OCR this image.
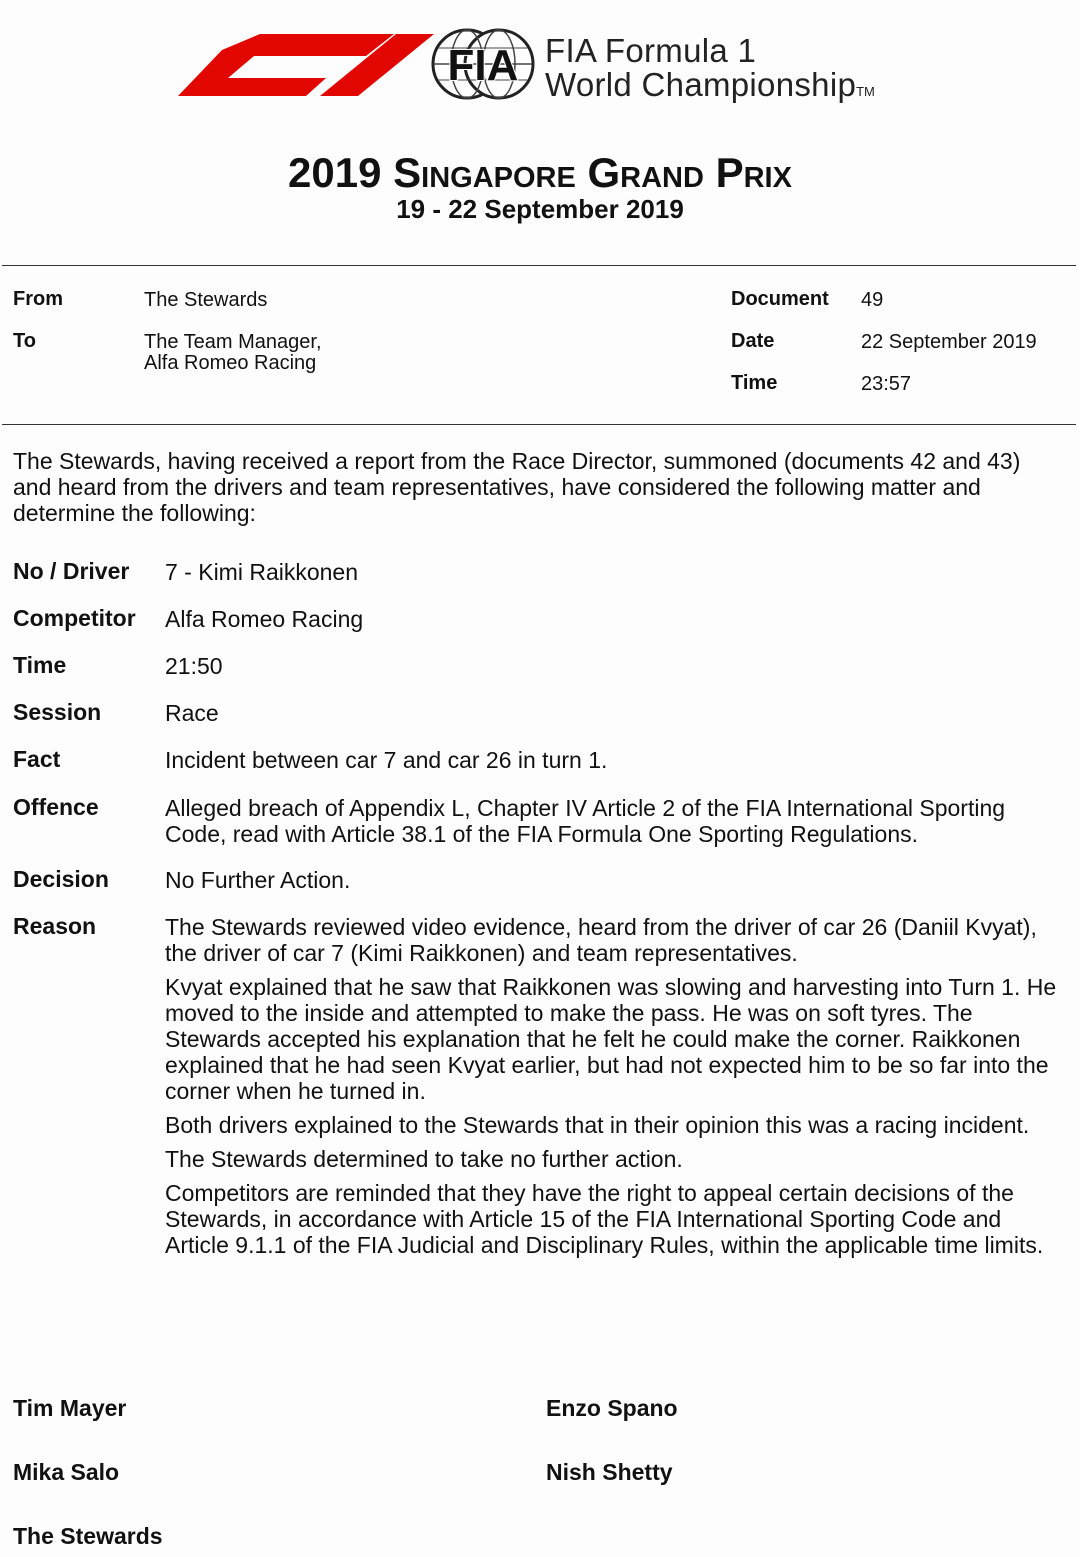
FIA FIA Formula 1
World ChampionshipTM
2019 Singapore Grand Prix
19 - 22 September 2019
From	The Stewards
To	The Team Manager,
Alfa Romeo Racing
Document 49
Date	22 September 2019
Time	23:57
The Stewards, having received a report from the Race Director, summoned (documents 42 and 43) and heard from the drivers and team representatives, have considered the following matter and determine the following:
No / Driver 7 - Kimi Raikkonen
Competitor Alfa Romeo Racing
Time	21:50
Session	Race
Fact	Incident between car 7 and car 26 in turn 1.
Offence	Alleged breach of Appendix L, Chapter IV Article 2 of the FIA International Sporting Code, read with Article 38.1 of the FIA Formula One Sporting Regulations.
Decision No Further Action.
Reason	The Stewards reviewed video evidence, heard from the driver of car 26 (Daniil Kvyat), the driver of car 7 (Kimi Raikkonen) and team representatives.

Kvyat explained that he saw that Raikkonen was slowing and harvesting into Turn 1. He moved to the inside and attempted to make the pass. He was on soft tyres. The Stewards accepted his explanation that he felt he could make the corner. Raikkonen explained that he had seen Kvyat earlier, but had not expected him to be so far into the corner when he turned in.

Both drivers explained to the Stewards that in their opinion this was a racing incident.

The Stewards determined to take no further action.

Competitors are reminded that they have the right to appeal certain decisions of the Stewards, in accordance with Article 15 of the FIA International Sporting Code and Article 9.1.1 of the FIA Judicial and Disciplinary Rules, within the applicable time limits.

Tim Mayer	Enzo Spano
Mika Salo	Nish Shetty
The Stewards
